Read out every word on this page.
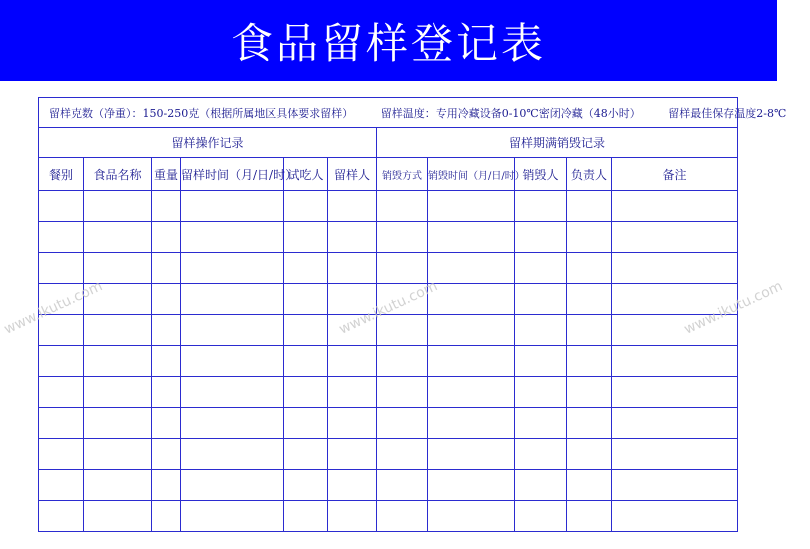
食品留样登记表
留样克数（净重）：150-250克（根据所属地区具体要求留样） 留样温度：专用冷藏设备0-10℃密闭冷藏（48小时） 留样最佳保存温度2-8℃										
留样操作记录						留样期满销毁记录				
餐别	食品名称	重量	留样时间（月/日/时）	试吃人	留样人	销毁方式	销毁时间（月/日/时）	销毁人	负责人	备注

www.ikutu.com	www.ikutu.com	www.ikutu.com
